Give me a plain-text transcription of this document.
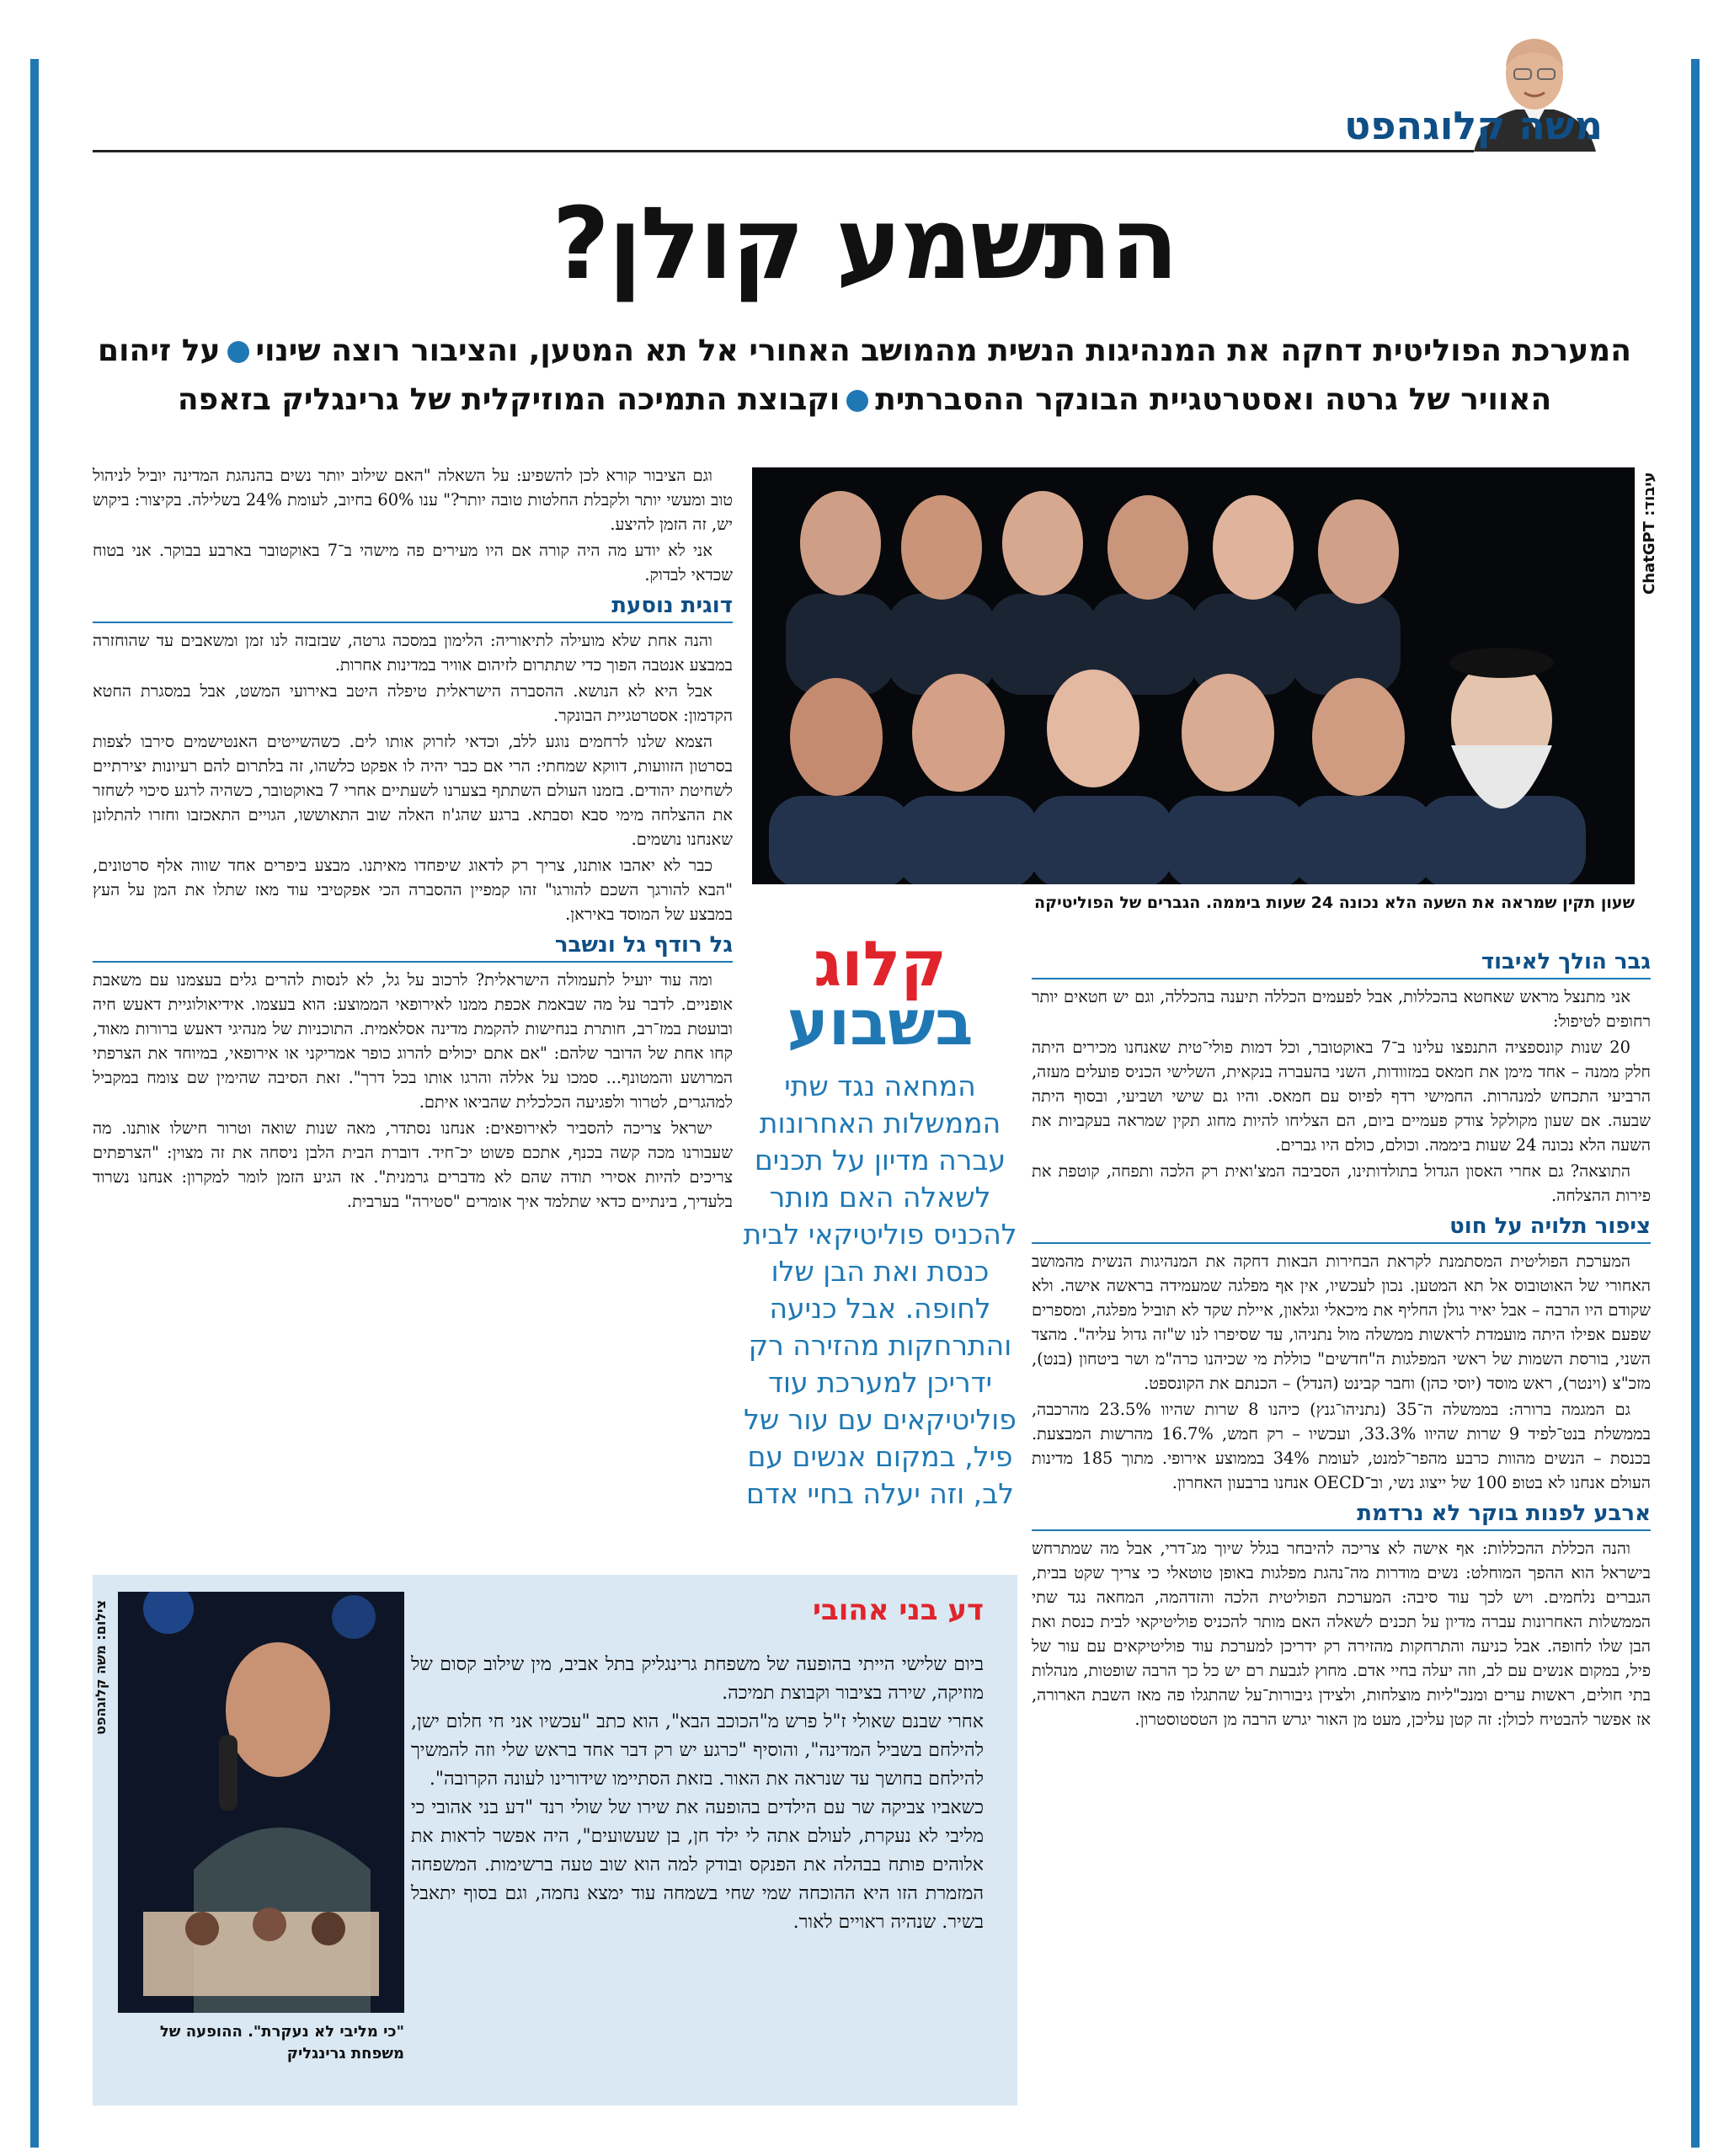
משה קלוגהפט
התשמע קולן?
המערכת הפוליטית דחקה את המנהיגות הנשית מהמושב האחורי אל תא המטען, והציבור רוצה שינויעל זיהום
האוויר של גרטה ואסטרטגיית הבונקר ההסברתיתוקבוצת התמיכה המוזיקלית של גרינגליק בזאפה
עיבוד: ChatGPT
שעון תקין שמראה את השעה הלא נכונה 24 שעות ביממה. הגברים של הפוליטיקה

וגם הציבור קורא לכן להשפיע: על השאלה "האם שילוב יותר נשים בהנהגת המדינה יוביל לניהול טוב ומעשי יותר ולקבלת החלטות טובה יותר?" ענו 60% בחיוב, לעומת 24% בשלילה. בקיצור: ביקוש יש, זה הזמן להיצע.

אני לא יודע מה היה קורה אם היו מעירים פה מישהי ב־7 באוקטובר בארבע בבוקר. אני בטוח שכדאי לבדוק.

דוגית נוסעת

והנה אחת שלא מועילה לתיאוריה: הלימון במסכה גרטה, שבזבזה לנו זמן ומשאבים עד שהוחזרה במבצע אנטבה הפוך כדי שתתרום לזיהום אוויר במדינות אחרות.

אבל היא לא הנושא. ההסברה הישראלית טיפלה היטב באירועי המשט, אבל במסגרת החטא הקדמון: אסטרטגיית הבונקר.

הצמא שלנו לרחמים נוגע ללב, וכדאי לזרוק אותו לים. כשהשייטים האנטישמים סירבו לצפות בסרטון הזוועות, דווקא שמחתי: הרי אם כבר יהיה לו אפקט כלשהו, זה בלתרום להם רעיונות יצירתיים לשחיטת יהודים. בזמנו העולם השתתף בצערנו לשעתיים אחרי 7 באוקטובר, כשהיה לרגע סיכוי לשחזר את ההצלחה מימי סבא וסבתא. ברגע שהג'וז האלה שוב התאוששו, הגויים התאכזבו וחזרו להתלונן שאנחנו נושמים.

כבר לא יאהבו אותנו, צריך רק לדאוג שיפחדו מאיתנו. מבצע ביפרים אחד שווה אלף סרטונים, "הבא להורגך השכם להורגו" זהו קמפיין ההסברה הכי אפקטיבי עוד מאז שתלו את המן על העץ במבצע של המוסד באיראן.

גל רודף גל ונשבר

ומה עוד יועיל לתעמולה הישראלית? לרכוב על גל, לא לנסות להרים גלים בעצמנו עם משאבת אופניים. לדבר על מה שבאמת אכפת ממנו לאירופאי הממוצע: הוא בעצמו. אידיאולוגיית דאעש חיה ובועטת במז־רב, חותרת בנחישות להקמת מדינה אסלאמית. התוכניות של מנהיגי דאעש ברורות מאוד, קחו אחת של הדובר שלהם: "אם אתם יכולים להרוג כופר אמריקני או אירופאי, במיוחד את הצרפתי המרושע והמטונף... סמכו על אללה והרגו אותו בכל דרך". זאת הסיבה שהימין שם צומח במקביל למהגרים, לטרור ולפגיעה הכלכלית שהביאו איתם.

ישראל צריכה להסביר לאירופאים: אנחנו נסתדר, מאה שנות שואה וטרור חישלו אותנו. מה שעבורנו מכה קשה בכנף, אתכם פשוט יכ־חיד. דוברת הבית הלבן ניסחה את זה מצוין: "הצרפתים צריכים להיות אסירי תודה שהם לא מדברים גרמנית". אז הגיע הזמן לומר למקרון: אנחנו נשרוד בלעדיך, בינתיים כדאי שתלמד איך אומרים "סטירה" בערבית.

קלוג
בשבוע
המחאה נגד שתי הממשלות האחרונות עברה מדיון על תכנים לשאלה האם מותר להכניס פוליטיקאי לבית כנסת ואת הבן שלו לחופה. אבל כניעה והתרחקות מהזירה רק ידריכן למערכת עוד פוליטיקאים עם עור של פיל, במקום אנשים עם לב, וזה יעלה בחיי אדם
גבר הולך לאיבוד

אני מתנצל מראש שאחטא בהכללות, אבל לפעמים הכללה תיענה בהכללה, וגם יש חטאים יותר רחופים לטיפול:

20 שנות קונספציה התנפצו עלינו ב־7 באוקטובר, וכל דמות פולי־טית שאנחנו מכירים היתה חלק ממנה – אחד מימן את חמאס במזוודות, השני בהעברה בנקאית, השלישי הכניס פועלים מעזה, הרביעי התכחש למנהרות. החמישי רדף לפיוס עם חמאס. והיו גם שישי ושביעי, ובסוף היתה שבעה. אם שעון מקולקל צודק פעמיים ביום, הם הצליחו להיות מחוג תקין שמראה בעקביות את השעה הלא נכונה 24 שעות ביממה. וכולם, כולם היו גברים.

התוצאה? גם אחרי האסון הגדול בתולדותינו, הסביבה המצ'ואית רק הלכה ותפחה, קוטפת את פירות ההצלחה.

ציפור תלויה על חוט

המערכת הפוליטית המסתמנת לקראת הבחירות הבאות דחקה את המנהיגות הנשית מהמושב האחורי של האוטובוס אל תא המטען. נכון לעכשיו, אין אף מפלגה שמעמידה בראשה אישה. ולא שקודם היו הרבה – אבל יאיר גולן החליף את מיכאלי וגלאון, איילת שקד לא תוביל מפלגה, ומספרים שפעם אפילו היתה מועמדת לראשות ממשלה מול נתניהו, עד שסיפרו לנו ש"זה גדול עליה". מהצד השני, בורסת השמות של ראשי המפלגות ה"חדשים" כוללת מי שכיהנו כרה"מ ושר ביטחון (בנט), מזכ"צ (וינטר), ראש מוסד (יוסי כהן) וחבר קבינט (הנדל) – הכנתם את הקונספט.

גם המגמה ברורה: בממשלה ה־35 (נתניהו־גנץ) כיהנו 8 שרות שהיוו 23.5% מהרכבה, בממשלת בנט־לפיד 9 שרות שהיוו 33.3%, ועכשיו – רק חמש, 16.7% מהרשות המבצעת. בכנסת – הנשים מהוות כרבע מהפר־למנט, לעומת 34% בממוצע אירופי. מתוך 185 מדינות העולם אנחנו לא בטופ 100 של ייצוג נשי, וב־OECD אנחנו ברבעון האחרון.

ארבע לפנות בוקר לא נרדמת

והנה הכללת ההכללות: אף אישה לא צריכה להיבחר בגלל שיוך מג־דרי, אבל מה שמתרחש בישראל הוא ההפך המוחלט: נשים מודרות מה־נהגת מפלגות באופן טוטאלי כי צריך שקט בבית, הגברים נלחמים. ויש לכך עוד סיבה: המערכת הפוליטית הלכה והזדהמה, המחאה נגד שתי הממשלות האחרונות עברה מדיון על תכנים לשאלה האם מותר להכניס פוליטיקאי לבית כנסת ואת הבן שלו לחופה. אבל כניעה והתרחקות מהזירה רק ידריכן למערכת עוד פוליטיקאים עם עור של פיל, במקום אנשים עם לב, וזה יעלה בחיי אדם. מחוץ לגבעת רם יש כל כך הרבה שופטות, מנהלות בתי חולים, ראשות ערים ומנכ"ליות מוצלחות, ולצידן גיבורות־על שהתגלו פה מאז השבת הארורה, אז אפשר להבטיח לכולן: זה קטן עליכן, מעט מן האור יגרש הרבה מן הטסטוסטרון.

דע בני אהובי
ביום שלישי הייתי בהופעה של משפחת גרינגליק בתל אביב, מין שילוב קסום של מוזיקה, שירה בציבור וקבוצת תמיכה.
אחרי שבנם שאולי ז"ל פרש מ"הכוכב הבא", הוא כתב "עכשיו אני חי חלום ישן, להילחם בשביל המדינה", והוסיף "כרגע יש רק דבר אחד בראש שלי וזה להמשיך להילחם בחושך עד שנראה את האור. בזאת הסתיימו שידורינו לעונה הקרובה".
כשאביו צביקה שר עם הילדים בהופעה את שירו של שולי רנד "דע בני אהובי כי מליבי לא נעקרת, לעולם אתה לי ילד חן, בן שעשועים", היה אפשר לראות את אלוהים פותח בבהלה את הפנקס ובודק למה הוא שוב טעה ברשימות. המשפחה המזמרת הזו היא ההוכחה שמי שחי בשמחה עוד ימצא נחמה, וגם בסוף יתאבל בשיר. שנהיה ראויים לאור.
צילום: משה קלוגהפט
"כי מליבי לא נעקרת". ההופעה של משפחת גרינגליק
